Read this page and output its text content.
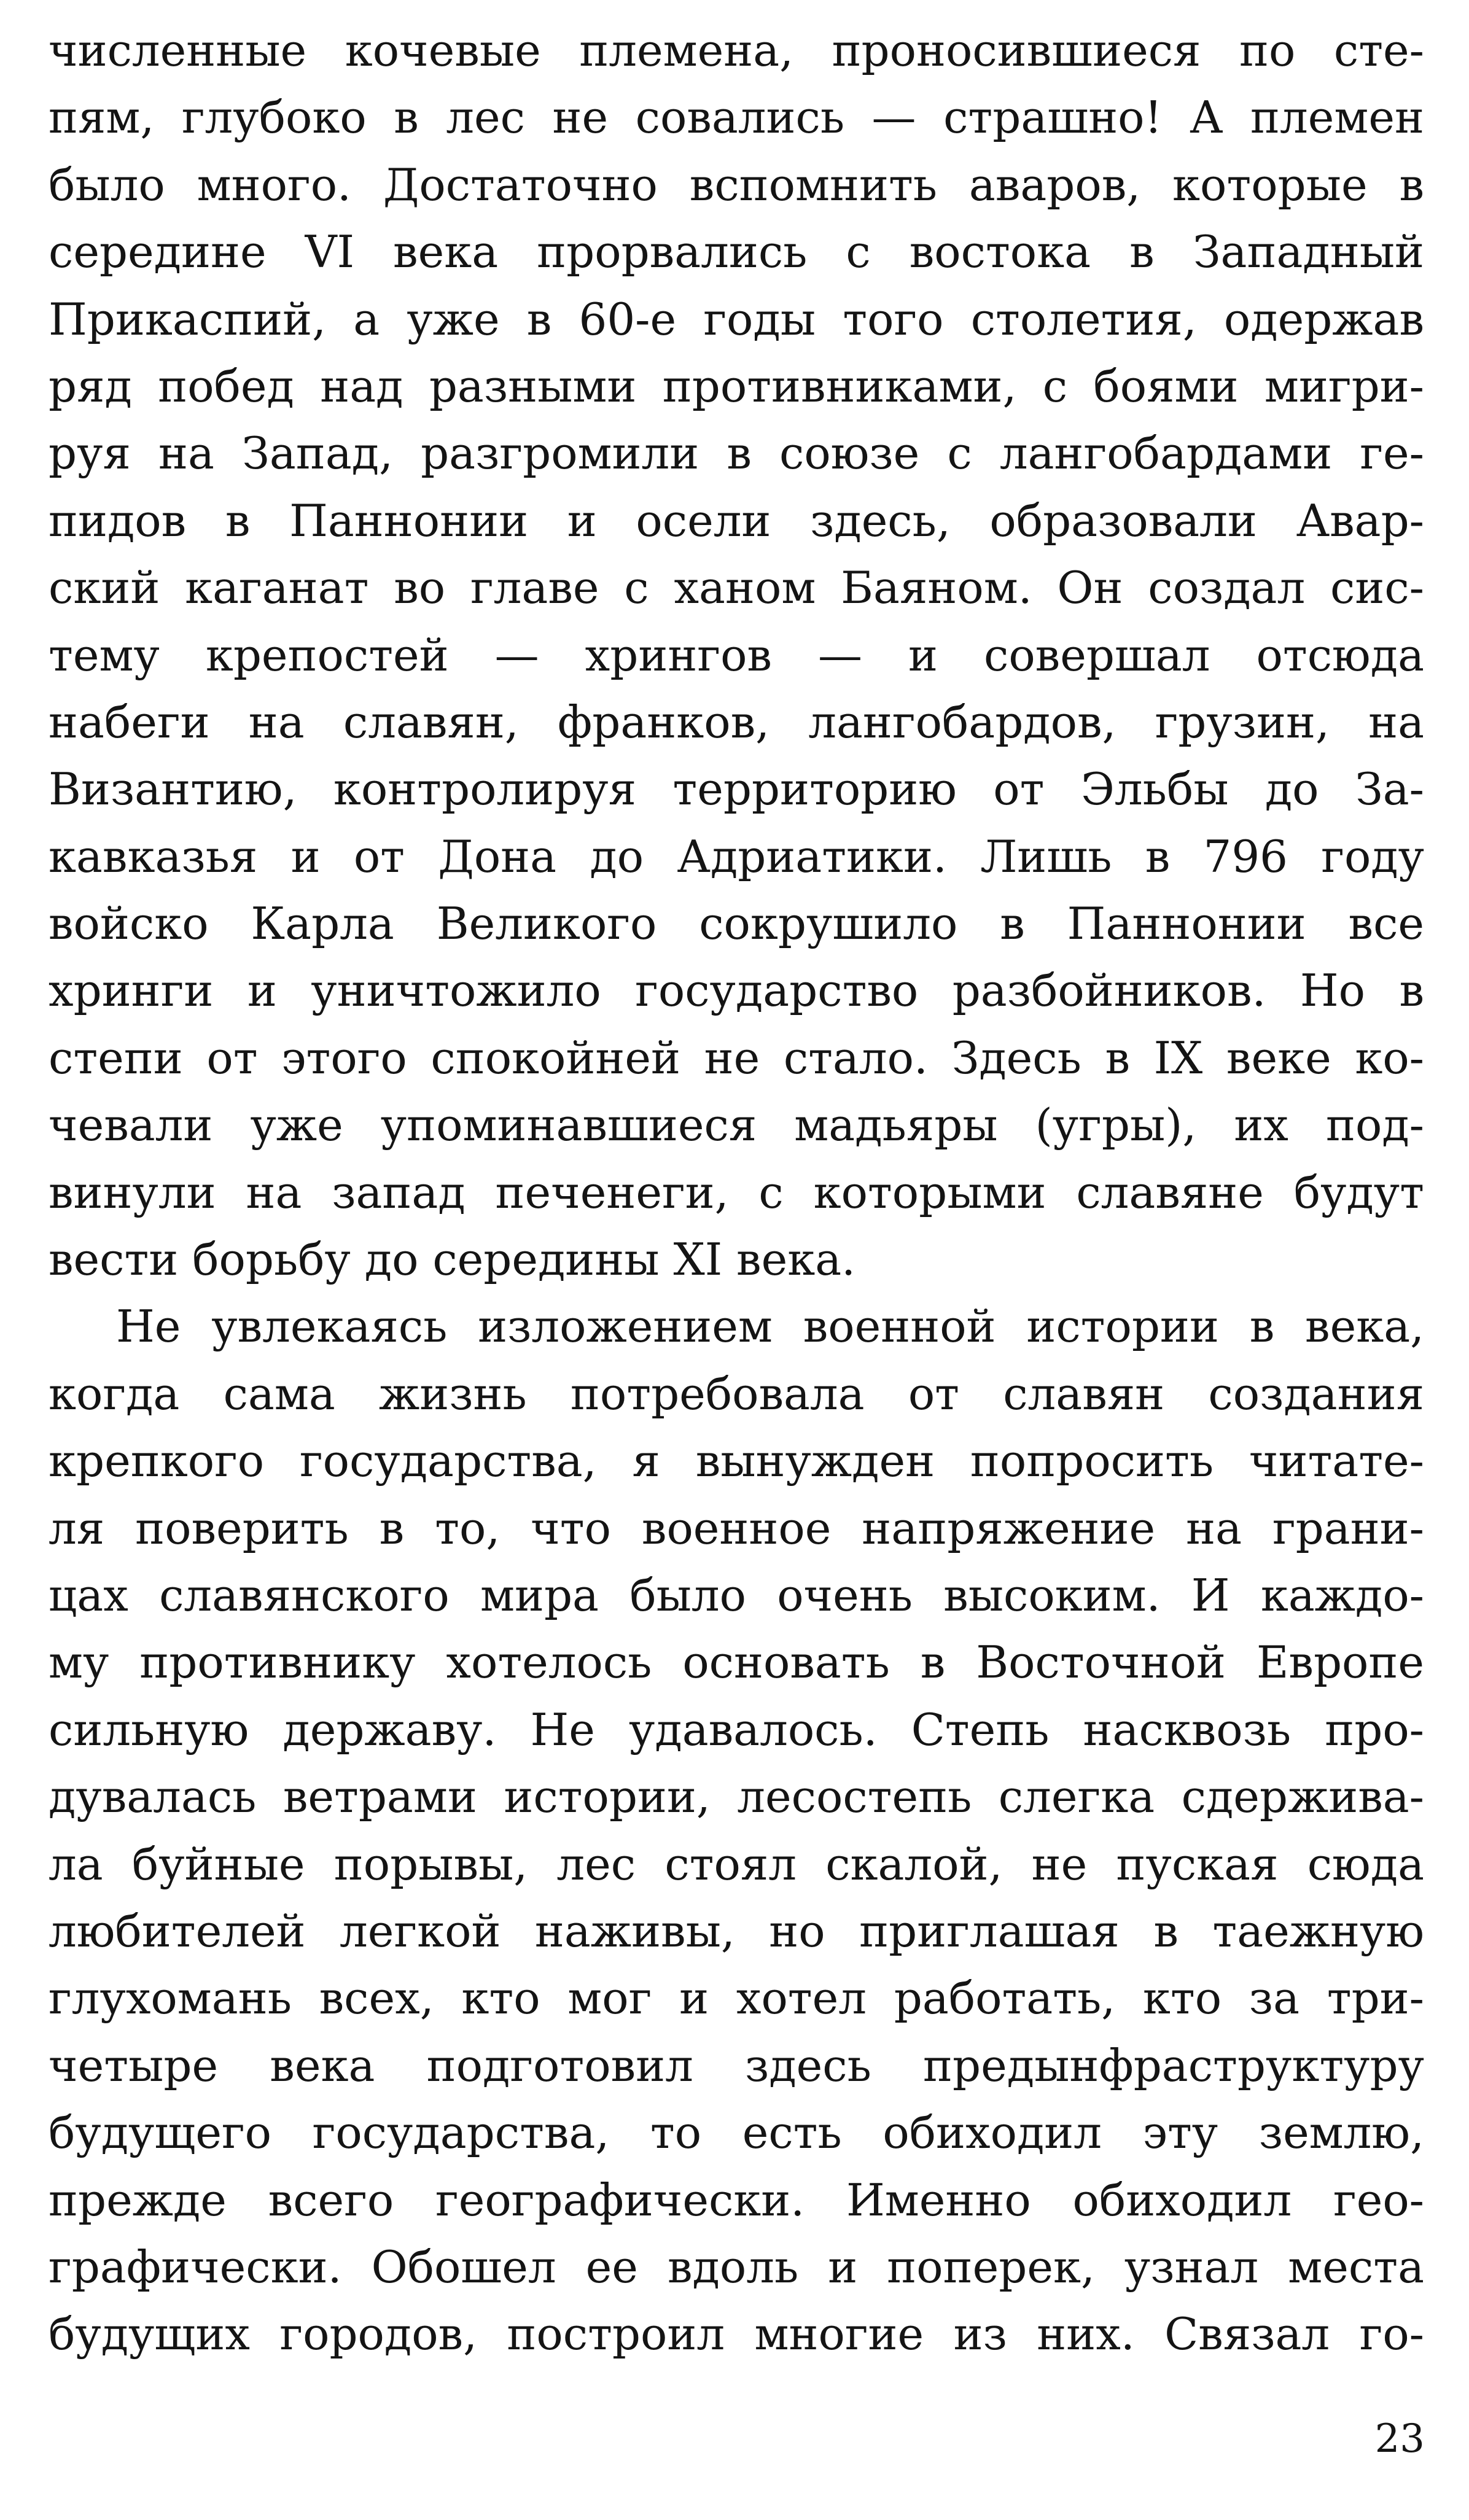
численные кочевые племена, проносившиеся по сте-
пям, глубоко в лес не совались — страшно! А племен
было много. Достаточно вспомнить аваров, которые в
середине VI века прорвались с востока в Западный
Прикаспий, а уже в 60-е годы того столетия, одержав
ряд побед над разными противниками, с боями мигри-
руя на Запад, разгромили в союзе с лангобардами ге-
пидов в Паннонии и осели здесь, образовали Авар-
ский каганат во главе с ханом Баяном. Он создал сис-
тему крепостей — хрингов — и совершал отсюда
набеги на славян, франков, лангобардов, грузин, на
Византию, контролируя территорию от Эльбы до За-
кавказья и от Дона до Адриатики. Лишь в 796 году
войско Карла Великого сокрушило в Паннонии все
хринги и уничтожило государство разбойников. Но в
степи от этого спокойней не стало. Здесь в IX веке ко-
чевали уже упоминавшиеся мадьяры (угры), их под-
винули на запад печенеги, с которыми славяне будут
вести борьбу до середины XI века.
Не увлекаясь изложением военной истории в века,
когда сама жизнь потребовала от славян создания
крепкого государства, я вынужден попросить читате-
ля поверить в то, что военное напряжение на грани-
цах славянского мира было очень высоким. И каждо-
му противнику хотелось основать в Восточной Европе
сильную державу. Не удавалось. Степь насквозь про-
дувалась ветрами истории, лесостепь слегка сдержива-
ла буйные порывы, лес стоял скалой, не пуская сюда
любителей легкой наживы, но приглашая в таежную
глухомань всех, кто мог и хотел работать, кто за три-
четыре века подготовил здесь предынфраструктуру
будущего государства, то есть обиходил эту землю,
прежде всего географически. Именно обиходил гео-
графически. Обошел ее вдоль и поперек, узнал места
будущих городов, построил многие из них. Связал го-
23
